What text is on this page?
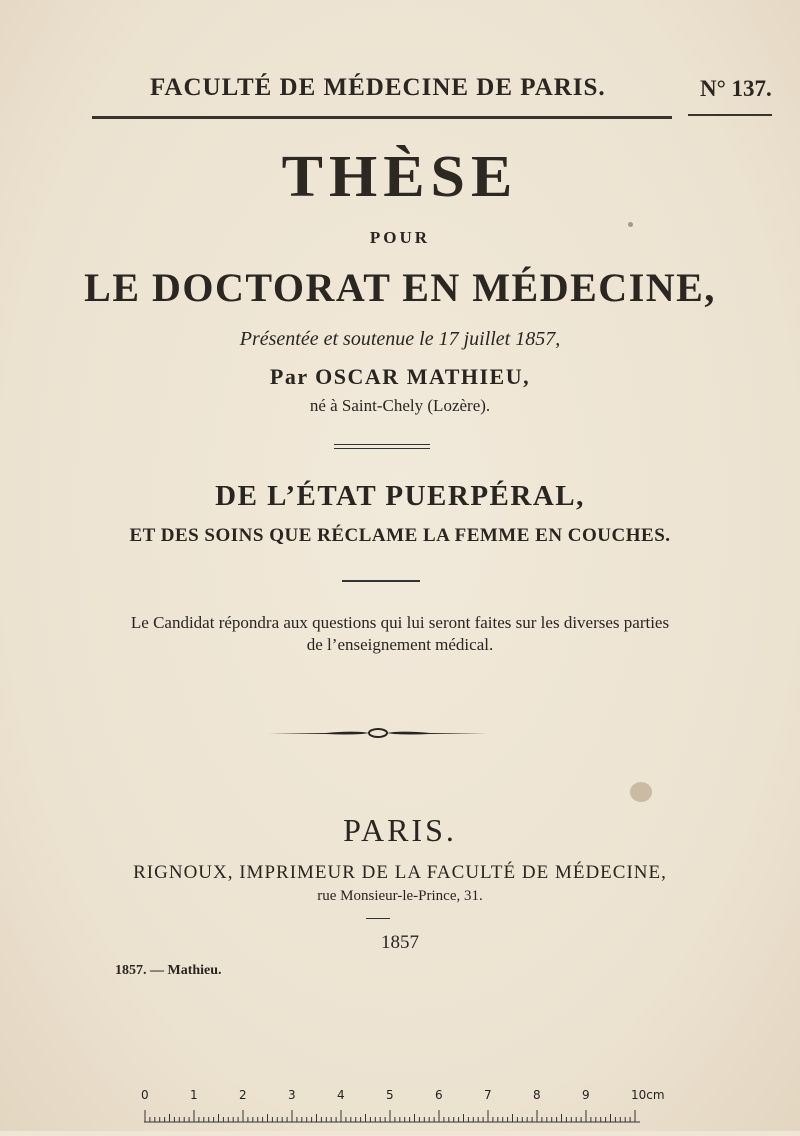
FACULTÉ DE MÉDECINE DE PARIS.	N° 137.
THÈSE
POUR
LE DOCTORAT EN MÉDECINE,
Présentée et soutenue le 17 juillet 1857,
Par OSCAR MATHIEU,
né à Saint-Chely (Lozère).
DE L’ÉTAT PUERPÉRAL,
ET DES SOINS QUE RÉCLAME LA FEMME EN COUCHES.
Le Candidat répondra aux questions qui lui seront faites sur les diverses parties
de l’enseignement médical.
PARIS.
RIGNOUX, IMPRIMEUR DE LA FACULTÉ DE MÉDECINE,
rue Monsieur-le-Prince, 31.
1857
1857. — Mathieu.
0	1	2	3	4	5	6	7	8	9	10cm
